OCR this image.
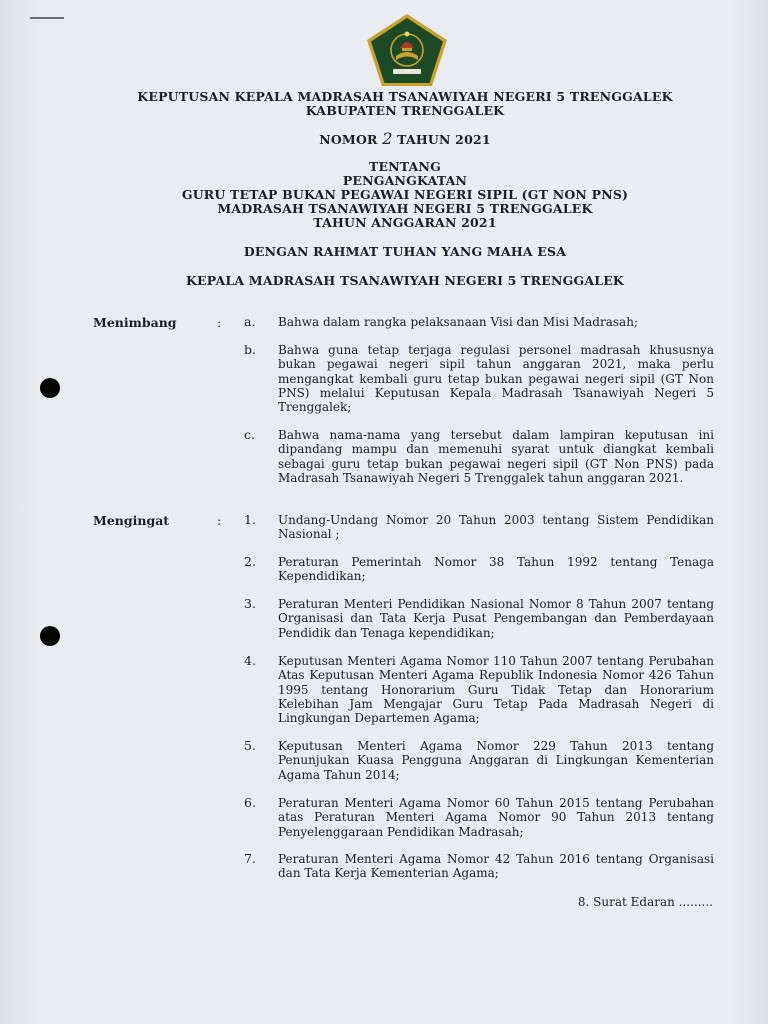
KEPUTUSAN KEPALA MADRASAH TSANAWIYAH NEGERI 5 TRENGGALEK
KABUPATEN TRENGGALEK
NOMOR 2 TAHUN 2021
TENTANG
PENGANGKATAN
GURU TETAP BUKAN PEGAWAI NEGERI SIPIL (GT NON PNS)
MADRASAH TSANAWIYAH NEGERI 5 TRENGGALEK
TAHUN ANGGARAN 2021
DENGAN RAHMAT TUHAN YANG MAHA ESA
KEPALA MADRASAH TSANAWIYAH NEGERI 5 TRENGGALEK
Menimbang	: a.	Bahwa dalam rangka pelaksanaan Visi dan Misi Madrasah;
b.	Bahwa guna tetap terjaga regulasi personel madrasah khususnya bukan pegawai negeri sipil tahun anggaran 2021, maka perlu mengangkat kembali guru tetap bukan pegawai negeri sipil (GT Non PNS) melalui Keputusan Kepala Madrasah Tsanawiyah Negeri 5 Trenggalek;
c.	Bahwa nama-nama yang tersebut dalam lampiran keputusan ini dipandang mampu dan memenuhi syarat untuk diangkat kembali sebagai guru tetap bukan pegawai negeri sipil (GT Non PNS) pada Madrasah Tsanawiyah Negeri 5 Trenggalek tahun anggaran 2021.
Mengingat	: 1.	Undang-Undang Nomor 20 Tahun 2003 tentang Sistem Pendidikan Nasional ;
2.	Peraturan Pemerintah Nomor 38 Tahun 1992 tentang Tenaga Kependidikan;
3.	Peraturan Menteri Pendidikan Nasional Nomor 8 Tahun 2007 tentang Organisasi dan Tata Kerja Pusat Pengembangan dan Pemberdayaan Pendidik dan Tenaga kependidikan;
4.	Keputusan Menteri Agama Nomor 110 Tahun 2007 tentang Perubahan Atas Keputusan Menteri Agama Republik Indonesia Nomor 426 Tahun 1995 tentang Honorarium Guru Tidak Tetap dan Honorarium Kelebihan Jam Mengajar Guru Tetap Pada Madrasah Negeri di Lingkungan Departemen Agama;
5.	Keputusan Menteri Agama Nomor 229 Tahun 2013 tentang Penunjukan Kuasa Pengguna Anggaran di Lingkungan Kementerian Agama Tahun 2014;
6.	Peraturan Menteri Agama Nomor 60 Tahun 2015 tentang Perubahan atas Peraturan Menteri Agama Nomor 90 Tahun 2013 tentang Penyelenggaraan Pendidikan Madrasah;
7.	Peraturan Menteri Agama Nomor 42 Tahun 2016 tentang Organisasi dan Tata Kerja Kementerian Agama;
8. Surat Edaran .........
